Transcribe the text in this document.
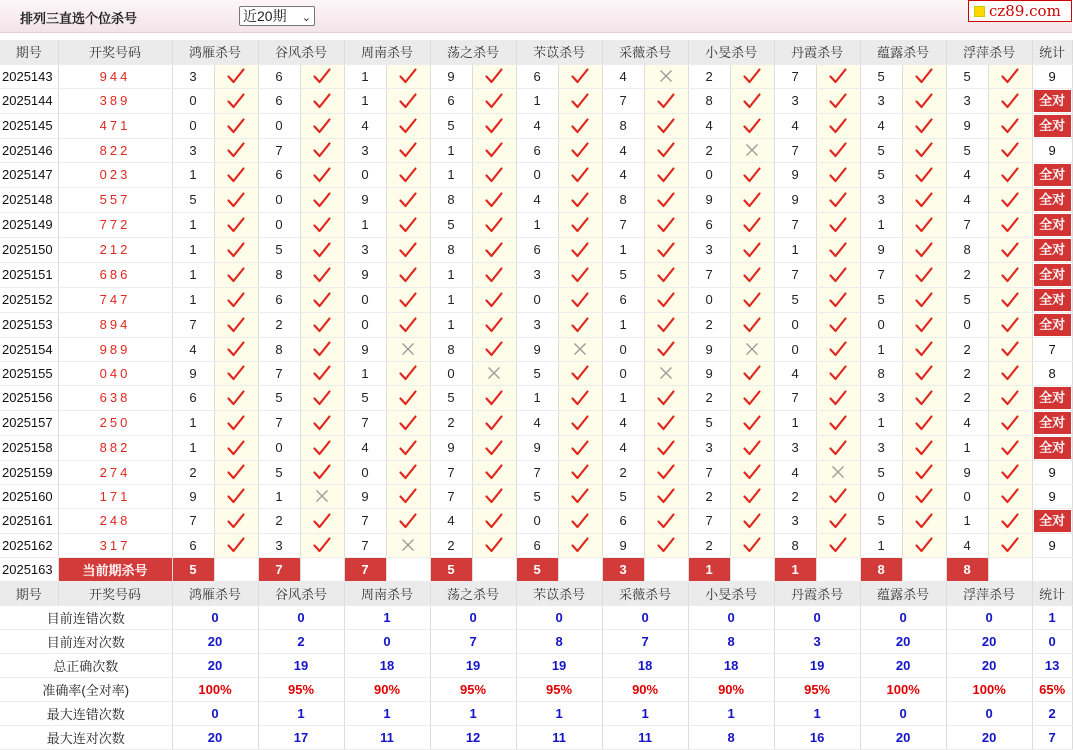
排列三直选个位杀号	近20期 ⌄	cz89.com
期号	开奖号码	鸿雁杀号		谷风杀号		周南杀号		荡之杀号		芣苡杀号		采薇杀号		小旻杀号		丹霞杀号		蕴露杀号		浮萍杀号		统计
2025143	944	3		6		1		9		6		4		2		7		5		5		9
2025144	389	0		6		1		6		1		7		8		3		3		3		全对

2025145	471	0		0		4		5		4		8		4		4		4		9		全对

2025146	822	3		7		3		1		6		4		2		7		5		5		9
2025147	023	1		6		0		1		0		4		0		9		5		4		全对

2025148	557	5		0		9		8		4		8		9		9		3		4		全对

2025149	772	1		0		1		5		1		7		6		7		1		7		全对

2025150	212	1		5		3		8		6		1		3		1		9		8		全对

2025151	686	1		8		9		1		3		5		7		7		7		2		全对

2025152	747	1		6		0		1		0		6		0		5		5		5		全对

2025153	894	7		2		0		1		3		1		2		0		0		0		全对

2025154	989	4		8		9		8		9		0		9		0		1		2		7
2025155	040	9		7		1		0		5		0		9		4		8		2		8
2025156	638	6		5		5		5		1		1		2		7		3		2		全对

2025157	250	1		7		7		2		4		4		5		1		1		4		全对

2025158	882	1		0		4		9		9		4		3		3		3		1		全对

2025159	274	2		5		0		7		7		2		7		4		5		9		9
2025160	171	9		1		9		7		5		5		2		2		0		0		9
2025161	248	7		2		7		4		0		6		7		3		5		1		全对

2025162	317	6		3		7		2		6		9		2		8		1		4		9
2025163	当前期杀号	5		7		7		5		5		3		1		1		8		8		
期号	开奖号码	鸿雁杀号		谷风杀号		周南杀号		荡之杀号		芣苡杀号		采薇杀号		小旻杀号		丹霞杀号		蕴露杀号		浮萍杀号		统计
目前连错次数		0		0		1		0		0		0		0		0		0		0		1
目前连对次数		20		2		0		7		8		7		8		3		20		20		0
总正确次数		20		19		18		19		19		18		18		19		20		20		13
准确率(全对率)		100%		95%		90%		95%		95%		90%		90%		95%		100%		100%		65%
最大连错次数		0		1		1		1		1		1		1		1		0		0		2
最大连对次数		20		17		11		12		11		11		8		16		20		20		7
